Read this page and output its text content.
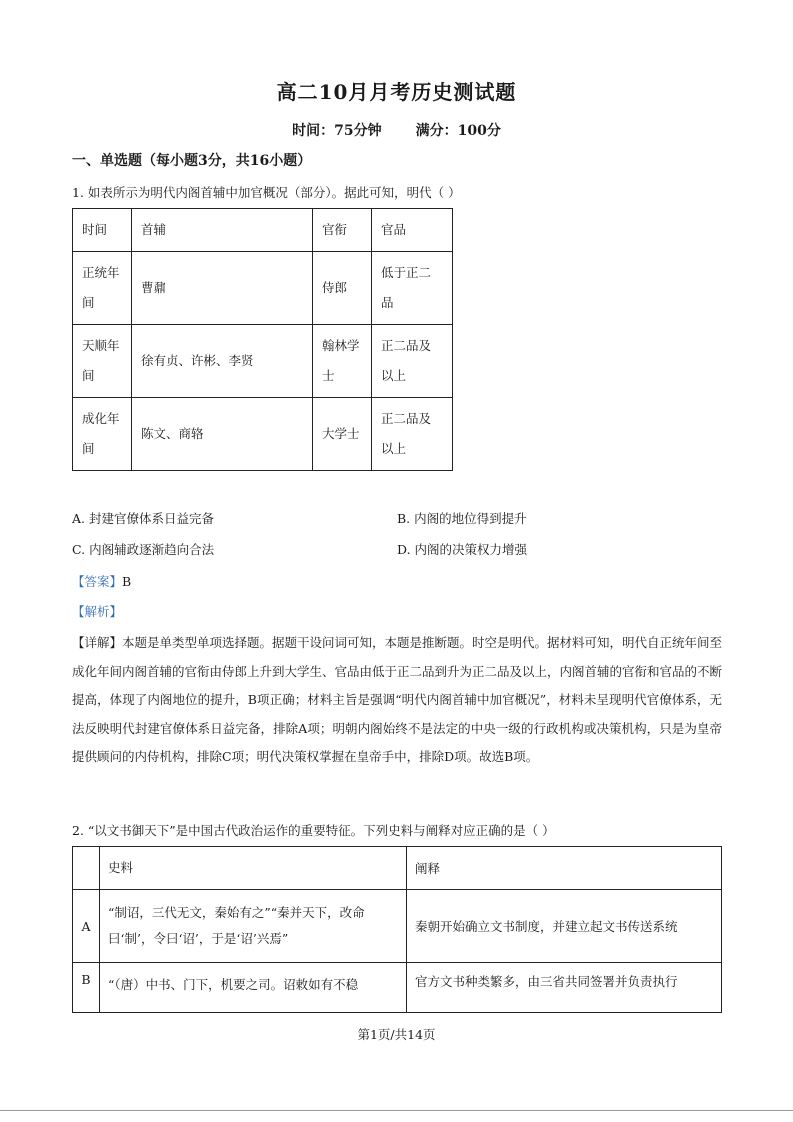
高二10月月考历史测试题
时间：75分钟 满分：100分
一、单选题（每小题3分，共16小题）
1. 如表所示为明代内阁首辅中加官概况（部分）。据此可知，明代（ ）
时间	首辅	官衔	官品

正统年间	曹鼐	侍郎	低于正二品

天顺年间	徐有贞、许彬、李贤	翰林学士	正二品及以上

成化年间	陈文、商辂	大学士	正二品及以上
A. 封建官僚体系日益完备	B. 内阁的地位得到提升
C. 内阁辅政逐渐趋向合法	D. 内阁的决策权力增强
【答案】B
【解析】
【详解】本题是单类型单项选择题。据题干设问词可知，本题是推断题。时空是明代。据材料可知，明代自正统年间至成化年间内阁首辅的官衔由侍郎上升到大学生、官品由低于正二品到升为正二品及以上，内阁首辅的官衔和官品的不断提高，体现了内阁地位的提升，B项正确；材料主旨是强调“明代内阁首辅中加官概况”，材料未呈现明代官僚体系，无法反映明代封建官僚体系日益完备，排除A项；明朝内阁始终不是法定的中央一级的行政机构或决策机构，只是为皇帝提供顾问的内侍机构，排除C项；明代决策权掌握在皇帝手中，排除D项。故选B项。
2. “以文书御天下”是中国古代政治运作的重要特征。下列史料与阐释对应正确的是（ ）
	史料	阐释
A	“制诏，三代无文，秦始有之”“秦并天下，改命曰‘制’，令曰‘诏’，于是‘诏’兴焉”	秦朝开始确立文书制度，并建立起文书传送系统
B	“（唐）中书、门下，机要之司。诏敕如有不稳	官方文书种类繁多，由三省共同签署并负责执行
第1页/共14页
